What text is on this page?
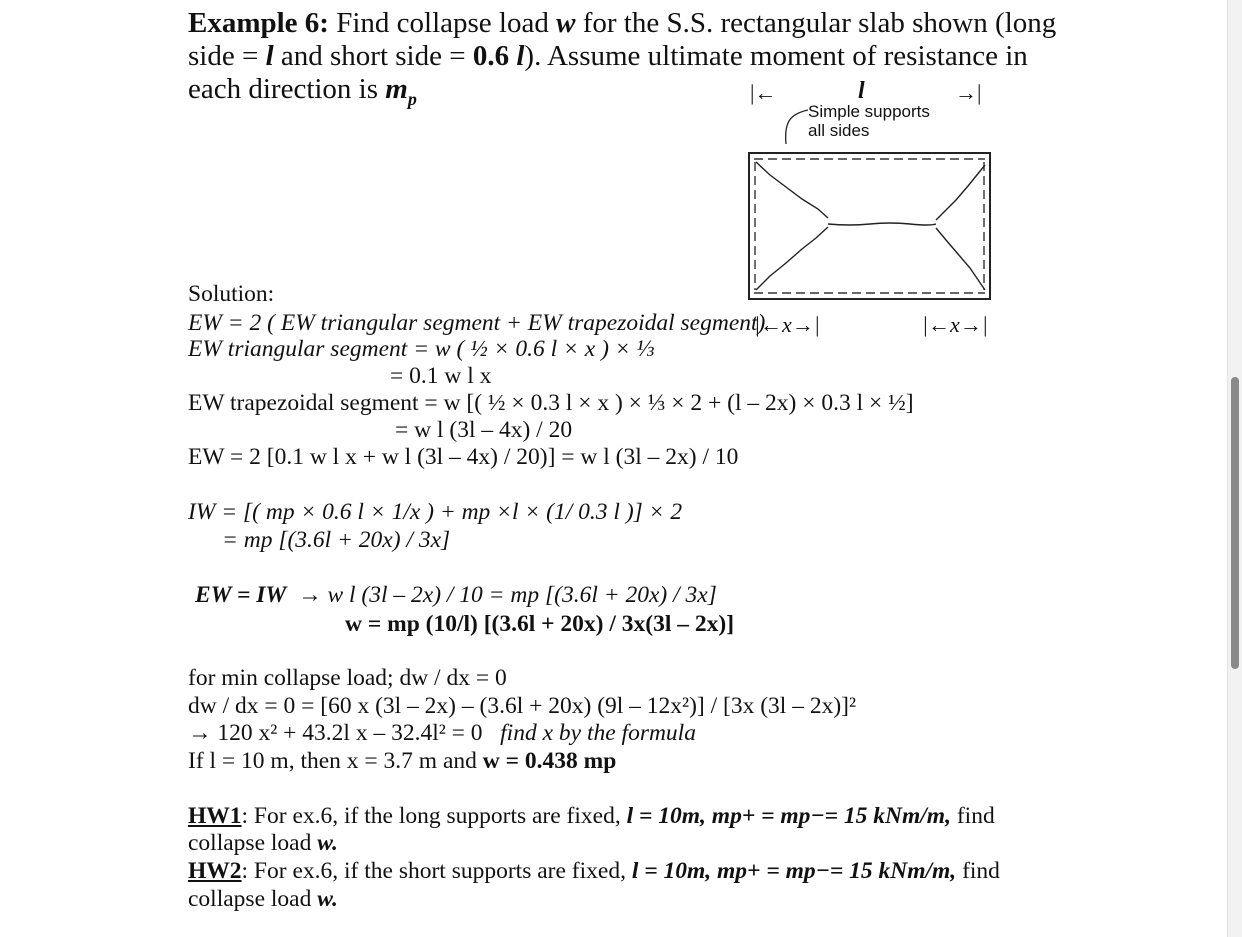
Example 6: Find collapse load w for the S.S. rectangular slab shown (long
side = l and short side = 0.6 l). Assume ultimate moment of resistance in
each direction is $m_p$	|←	l	→|
Simple supports
all sides
|←x→|	|←x→|
Solution:
EW = 2 ( EW triangular segment + EW trapezoidal segment)
EW triangular segment = w ( ½ × 0.6 l × x ) × ⅓
= 0.1 w l x
EW trapezoidal segment = w [( ½ × 0.3 l × x ) × ⅓ × 2 + (l – 2x) × 0.3 l × ½]
= w l (3l – 4x) / 20
EW = 2 [0.1 w l x + w l (3l – 4x) / 20)] = w l (3l – 2x) / 10
IW = [( mp × 0.6 l × 1/x ) + mp ×l × (1/ 0.3 l )] × 2
= mp [(3.6l + 20x) / 3x]
EW = IW → w l (3l – 2x) / 10 = mp [(3.6l + 20x) / 3x]
w = mp (10/l) [(3.6l + 20x) / 3x(3l – 2x)]
for min collapse load; dw / dx = 0
dw / dx = 0 = [60 x (3l – 2x) – (3.6l + 20x) (9l – 12x²)] / [3x (3l – 2x)]²
→ 120 x² + 43.2l x – 32.4l² = 0 find x by the formula
If l = 10 m, then x = 3.7 m and w = 0.438 mp
HW1: For ex.6, if the long supports are fixed, l = 10m, mp+ = mp−= 15 kNm/m, find
collapse load w.
HW2: For ex.6, if the short supports are fixed, l = 10m, mp+ = mp−= 15 kNm/m, find
collapse load w.
